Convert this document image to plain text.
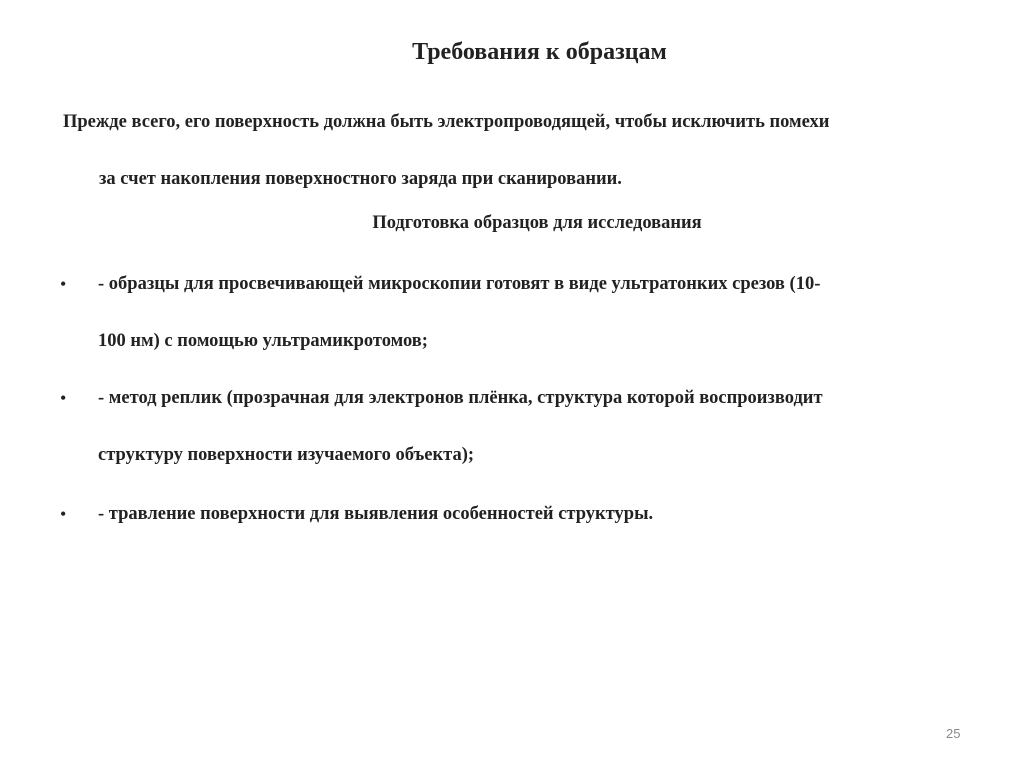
Требования к образцам
Прежде всего, его поверхность должна быть электропроводящей, чтобы исключить помехи
за счет накопления поверхностного заряда при сканировании.
Подготовка образцов для исследования
• - образцы для просвечивающей микроскопии готовят в виде ультратонких срезов (10-
100 нм) с помощью ультрамикротомов;
• - метод реплик (прозрачная для электронов плёнка, структура которой воспроизводит
структуру поверхности изучаемого объекта);
• - травление поверхности для выявления особенностей структуры.
25
